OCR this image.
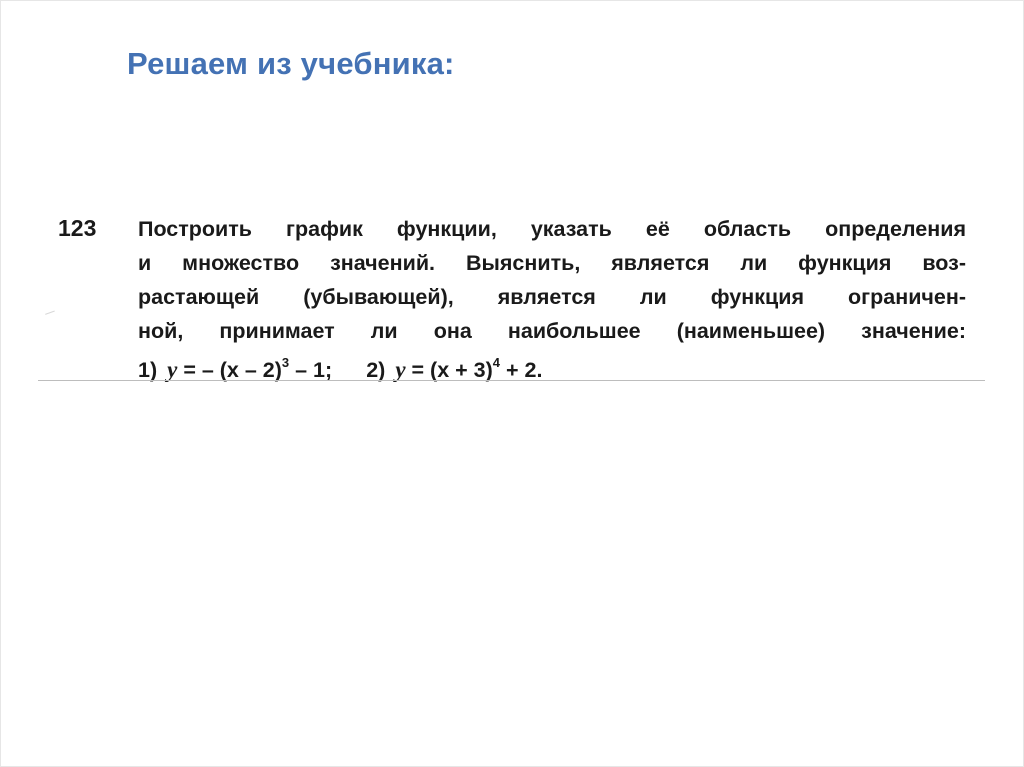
Решаем из учебника:
123 Построить график функции, указать её область определения
и множество значений. Выяснить, является ли функция воз-
растающей (убывающей), является ли функция ограничен-
ной, принимает ли она наибольшее (наименьшее) значение:
1) y = – (x – 2)$^3$ – 1; 2) $y = (x + 3)^4 + 2$.
